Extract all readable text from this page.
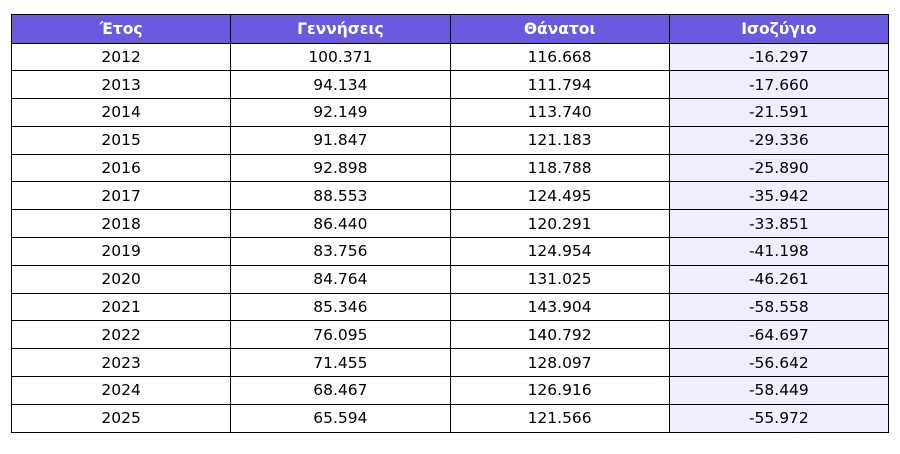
Έτος	Γεννήσεις	Θάνατοι	Ισοζύγιο
2012	100.371	116.668	-16.297
2013	94.134	111.794	-17.660
2014	92.149	113.740	-21.591
2015	91.847	121.183	-29.336
2016	92.898	118.788	-25.890
2017	88.553	124.495	-35.942
2018	86.440	120.291	-33.851
2019	83.756	124.954	-41.198
2020	84.764	131.025	-46.261
2021	85.346	143.904	-58.558
2022	76.095	140.792	-64.697
2023	71.455	128.097	-56.642
2024	68.467	126.916	-58.449
2025	65.594	121.566	-55.972
